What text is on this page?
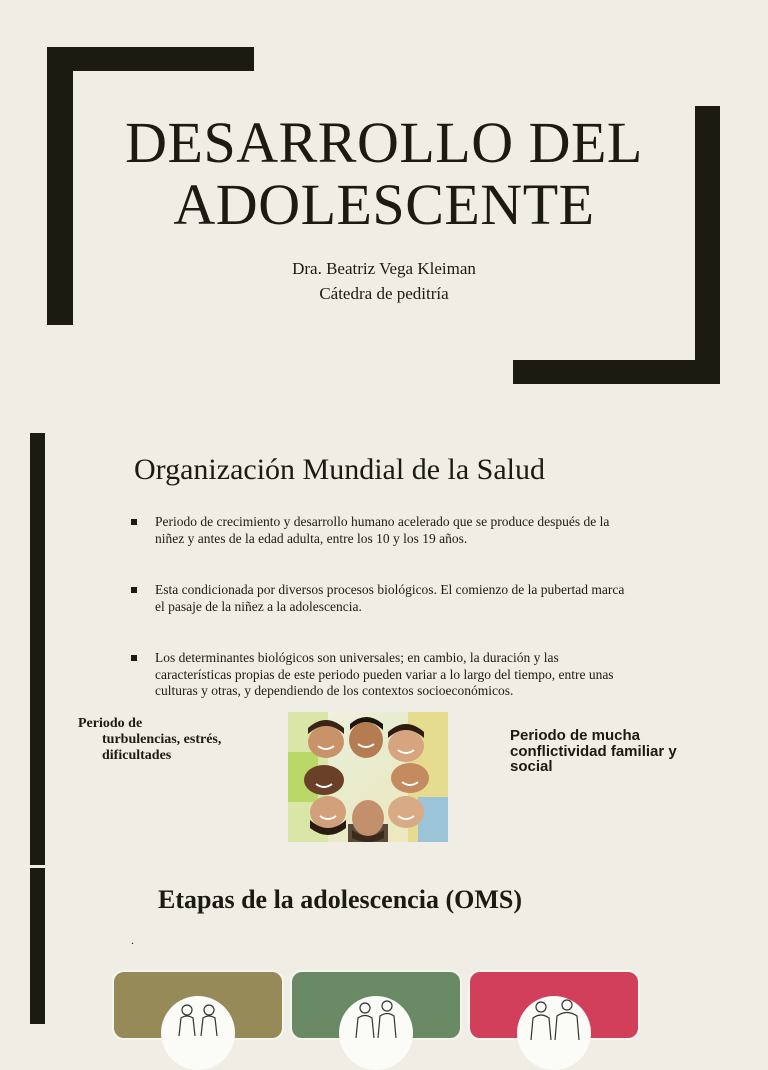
DESARROLLO DEL
ADOLESCENTE
Dra. Beatriz Vega Kleiman
Cátedra de peditría
Organización Mundial de la Salud
Periodo de crecimiento y desarrollo humano acelerado que se produce después de la niñez y antes de la edad adulta, entre los 10 y los 19 años.
Esta condicionada por diversos procesos biológicos. El comienzo de la pubertad marca el pasaje de la niñez a la adolescencia.
Los determinantes biológicos son universales; en cambio, la duración y las características propias de este periodo pueden variar a lo largo del tiempo, entre unas culturas y otras, y dependiendo de los contextos socioeconómicos.
Periodo de
turbulencias, estrés, dificultades
Periodo de mucha conflictividad familiar y social
Etapas de la adolescencia (OMS)
.
